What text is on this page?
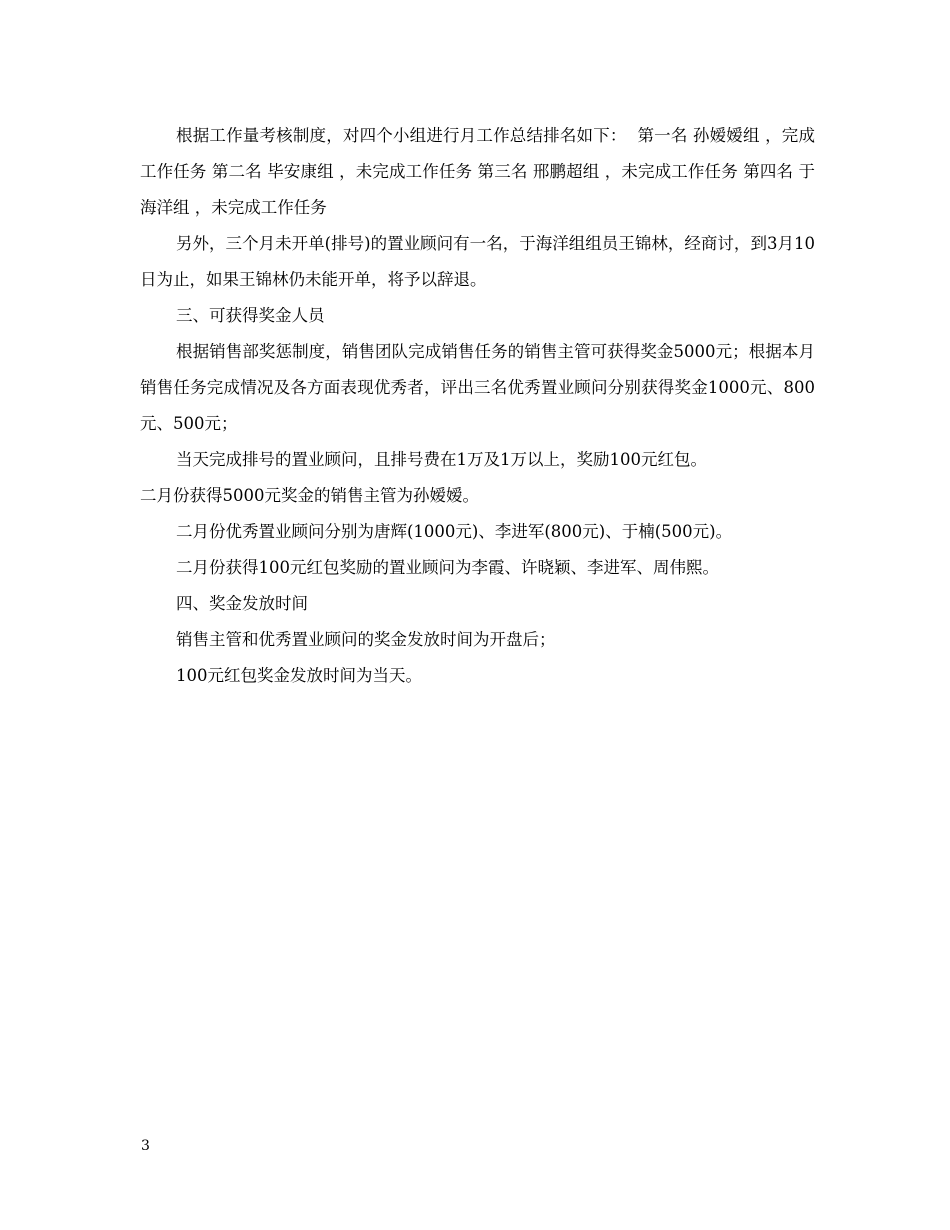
根据工作量考核制度，对四个小组进行月工作总结排名如下：  第一名 孙嫒嫒组 ，完成工作任务 第二名 毕安康组 ，未完成工作任务 第三名 邢鹏超组 ，未完成工作任务 第四名 于海洋组 ，未完成工作任务

另外，三个月未开单(排号)的置业顾问有一名，于海洋组组员王锦林，经商讨，到3月10日为止，如果王锦林仍未能开单，将予以辞退。

三、可获得奖金人员

根据销售部奖惩制度，销售团队完成销售任务的销售主管可获得奖金5000元；根据本月销售任务完成情况及各方面表现优秀者，评出三名优秀置业顾问分别获得奖金1000元、800元、500元；

当天完成排号的置业顾问，且排号费在1万及1万以上，奖励100元红包。

二月份获得5000元奖金的销售主管为孙嫒嫒。

二月份优秀置业顾问分别为唐辉(1000元)、李进军(800元)、于楠(500元)。

二月份获得100元红包奖励的置业顾问为李霞、许晓颖、李进军、周伟熙。

四、奖金发放时间

销售主管和优秀置业顾问的奖金发放时间为开盘后；

100元红包奖金发放时间为当天。

3
